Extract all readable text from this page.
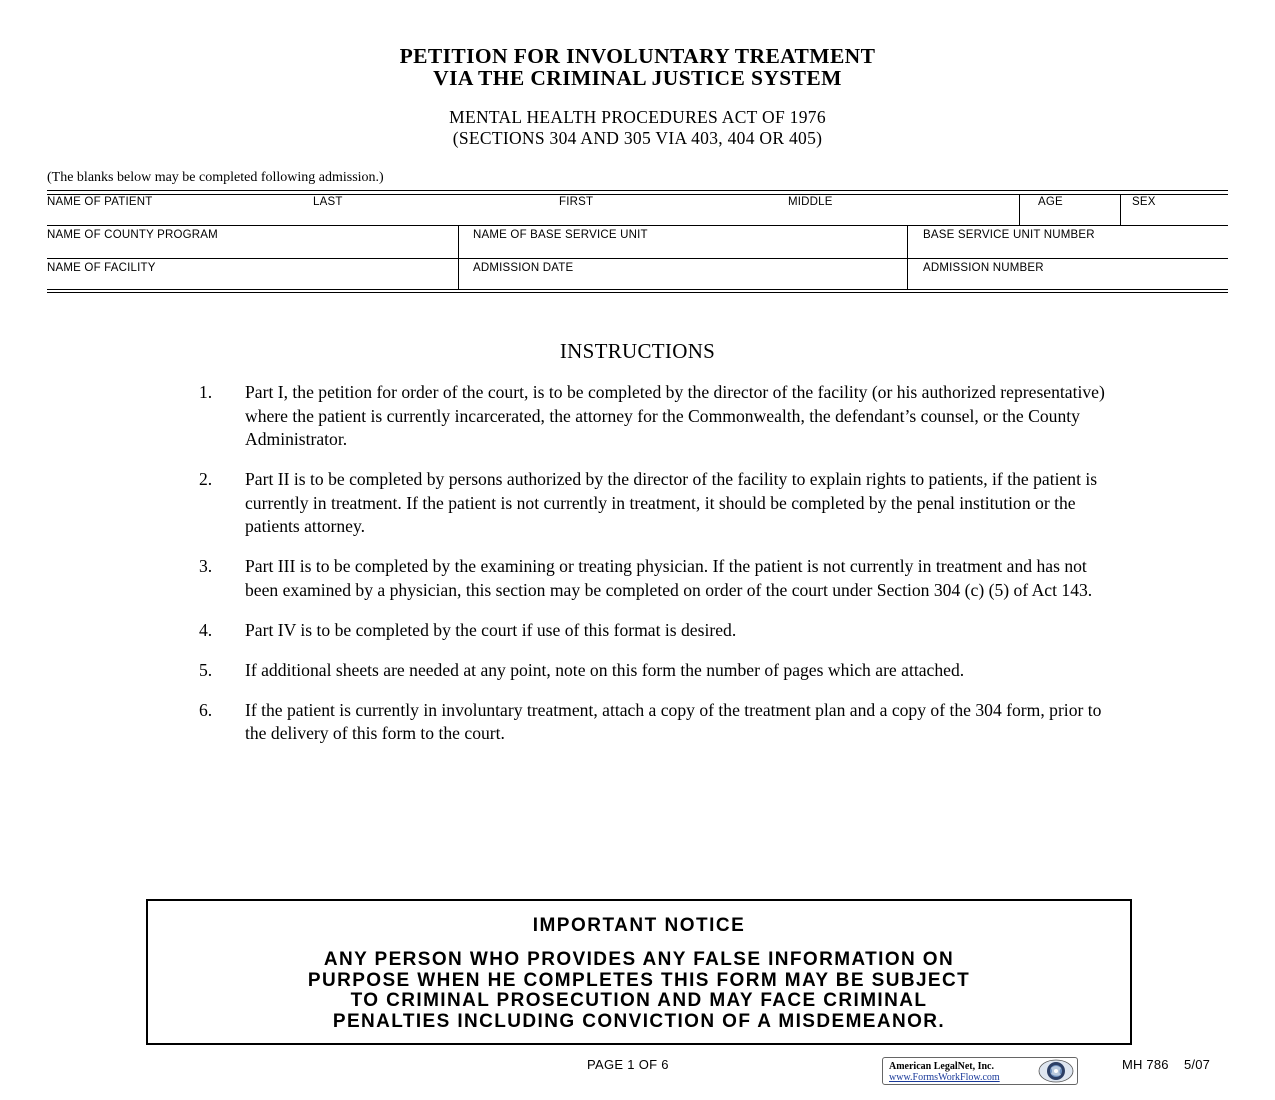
PETITION FOR INVOLUNTARY TREATMENT
VIA THE CRIMINAL JUSTICE SYSTEM
MENTAL HEALTH PROCEDURES ACT OF 1976
(SECTIONS 304 AND 305 VIA 403, 404 OR 405)
(The blanks below may be completed following admission.)
NAME OF PATIENT	LAST	FIRST	MIDDLE	AGE	SEX
NAME OF COUNTY PROGRAM	NAME OF BASE SERVICE UNIT	BASE SERVICE UNIT NUMBER
NAME OF FACILITY	ADMISSION DATE	ADMISSION NUMBER
INSTRUCTIONS
1. Part I, the petition for order of the court, is to be completed by the director of the facility (or his authorized representative) where the patient is currently incarcerated, the attorney for the Commonwealth, the defendant’s counsel, or the County Administrator.
2. Part II is to be completed by persons authorized by the director of the facility to explain rights to patients, if the patient is currently in treatment. If the patient is not currently in treatment, it should be completed by the penal institution or the patients attorney.
3. Part III is to be completed by the examining or treating physician. If the patient is not currently in treatment and has not been examined by a physician, this section may be completed on order of the court under Section 304 (c) (5) of Act 143.
4. Part IV is to be completed by the court if use of this format is desired.
5. If additional sheets are needed at any point, note on this form the number of pages which are attached.
6. If the patient is currently in involuntary treatment, attach a copy of the treatment plan and a copy of the 304 form, prior to the delivery of this form to the court.
IMPORTANT NOTICE
ANY PERSON WHO PROVIDES ANY FALSE INFORMATION ON
PURPOSE WHEN HE COMPLETES THIS FORM MAY BE SUBJECT
TO CRIMINAL PROSECUTION AND MAY FACE CRIMINAL
PENALTIES INCLUDING CONVICTION OF A MISDEMEANOR.
PAGE 1 OF 6	American LegalNet, Inc.
www.FormsWorkFlow.com
MH 786    5/07
